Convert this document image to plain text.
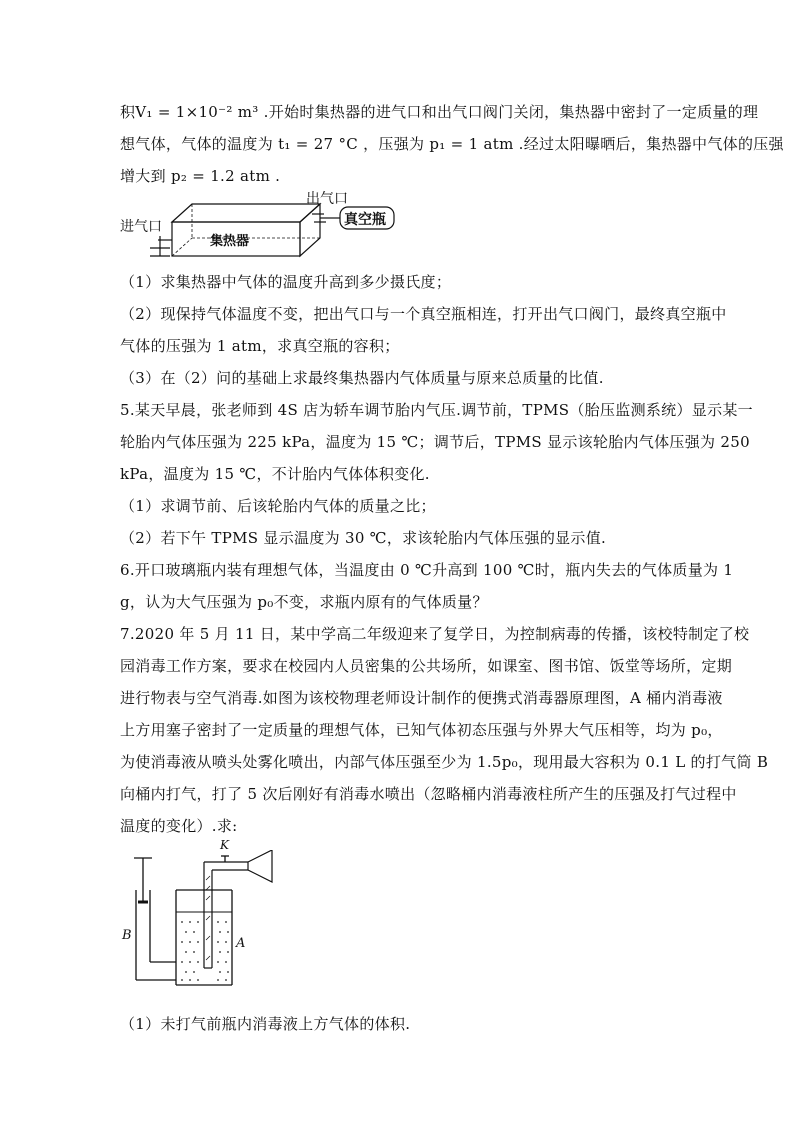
积V₁ = 1×10⁻² m³ .开始时集热器的进气口和出气口阀门关闭，集热器中密封了一定质量的理
想气体，气体的温度为 t₁ = 27 °C ，压强为 p₁ = 1 atm .经过太阳曝晒后，集热器中气体的压强
增大到 p₂ = 1.2 atm .
进气口
出气口
集热器
真空瓶
（1）求集热器中气体的温度升高到多少摄氏度；
（2）现保持气体温度不变，把出气口与一个真空瓶相连，打开出气口阀门，最终真空瓶中
气体的压强为 1 atm，求真空瓶的容积；
（3）在（2）问的基础上求最终集热器内气体质量与原来总质量的比值.
5.某天早晨，张老师到 4S 店为轿车调节胎内气压.调节前，TPMS（胎压监测系统）显示某一
轮胎内气体压强为 225 kPa，温度为 15 ℃；调节后，TPMS 显示该轮胎内气体压强为 250
kPa，温度为 15 ℃，不计胎内气体体积变化.
（1）求调节前、后该轮胎内气体的质量之比；
（2）若下午 TPMS 显示温度为 30 ℃，求该轮胎内气体压强的显示值.
6.开口玻璃瓶内装有理想气体，当温度由 0 ℃升高到 100 ℃时，瓶内失去的气体质量为 1
g，认为大气压强为 p₀不变，求瓶内原有的气体质量？
7.2020 年 5 月 11 日，某中学高二年级迎来了复学日，为控制病毒的传播，该校特制定了校
园消毒工作方案，要求在校园内人员密集的公共场所，如课室、图书馆、饭堂等场所，定期
进行物表与空气消毒.如图为该校物理老师设计制作的便携式消毒器原理图，A 桶内消毒液
上方用塞子密封了一定质量的理想气体，已知气体初态压强与外界大气压相等，均为 p₀，
为使消毒液从喷头处雾化喷出，内部气体压强至少为 1.5p₀，现用最大容积为 0.1 L 的打气筒 B
向桶内打气，打了 5 次后刚好有消毒水喷出（忽略桶内消毒液柱所产生的压强及打气过程中
温度的变化）.求:
K
B
A
（1）未打气前瓶内消毒液上方气体的体积.
